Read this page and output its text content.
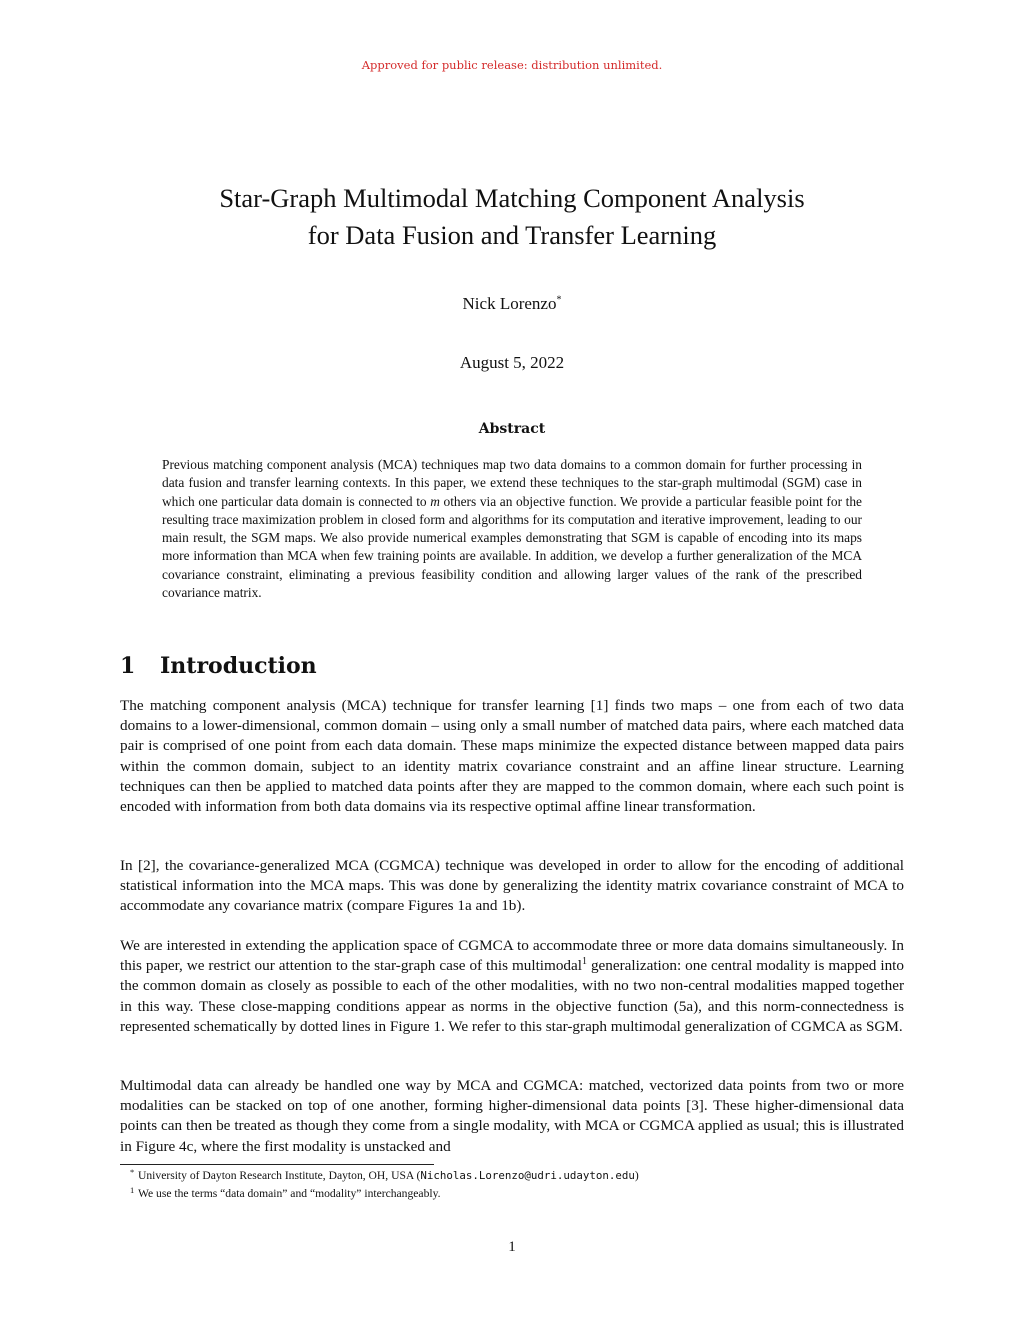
Approved for public release: distribution unlimited.
Star-Graph Multimodal Matching Component Analysis
for Data Fusion and Transfer Learning
Nick Lorenzo*
August 5, 2022
Abstract
Previous matching component analysis (MCA) techniques map two data domains to a common domain for further processing in data fusion and transfer learning contexts. In this paper, we extend these techniques to the star-graph multimodal (SGM) case in which one particular data domain is connected to m others via an objective function. We provide a particular feasible point for the resulting trace maximization problem in closed form and algorithms for its computation and iterative improvement, leading to our main result, the SGM maps. We also provide numerical examples demonstrating that SGM is capable of encoding into its maps more information than MCA when few training points are available. In addition, we develop a further generalization of the MCA covariance constraint, eliminating a previous feasibility condition and allowing larger values of the rank of the prescribed covariance matrix.
1 Introduction
The matching component analysis (MCA) technique for transfer learning [1] finds two maps – one from each of two data domains to a lower-dimensional, common domain – using only a small number of matched data pairs, where each matched data pair is comprised of one point from each data domain. These maps minimize the expected distance between mapped data pairs within the common domain, subject to an identity matrix covariance constraint and an affine linear structure. Learning techniques can then be applied to matched data points after they are mapped to the common domain, where each such point is encoded with information from both data domains via its respective optimal affine linear transformation.
In [2], the covariance-generalized MCA (CGMCA) technique was developed in order to allow for the encoding of additional statistical information into the MCA maps. This was done by generalizing the identity matrix covariance constraint of MCA to accommodate any covariance matrix (compare Figures 1a and 1b).
We are interested in extending the application space of CGMCA to accommodate three or more data domains simultaneously. In this paper, we restrict our attention to the star-graph case of this multimodal$^1$ generalization: one central modality is mapped into the common domain as closely as possible to each of the other modalities, with no two non-central modalities mapped together in this way. These close-mapping conditions appear as norms in the objective function (5a), and this norm-connectedness is represented schematically by dotted lines in Figure 1. We refer to this star-graph multimodal generalization of CGMCA as SGM.
Multimodal data can already be handled one way by MCA and CGMCA: matched, vectorized data points from two or more modalities can be stacked on top of one another, forming higher-dimensional data points [3]. These higher-dimensional data points can then be treated as though they come from a single modality, with MCA or CGMCA applied as usual; this is illustrated in Figure 4c, where the first modality is unstacked and
* University of Dayton Research Institute, Dayton, OH, USA (Nicholas.Lorenzo@udri.udayton.edu)
1 We use the terms “data domain” and “modality” interchangeably.
1
